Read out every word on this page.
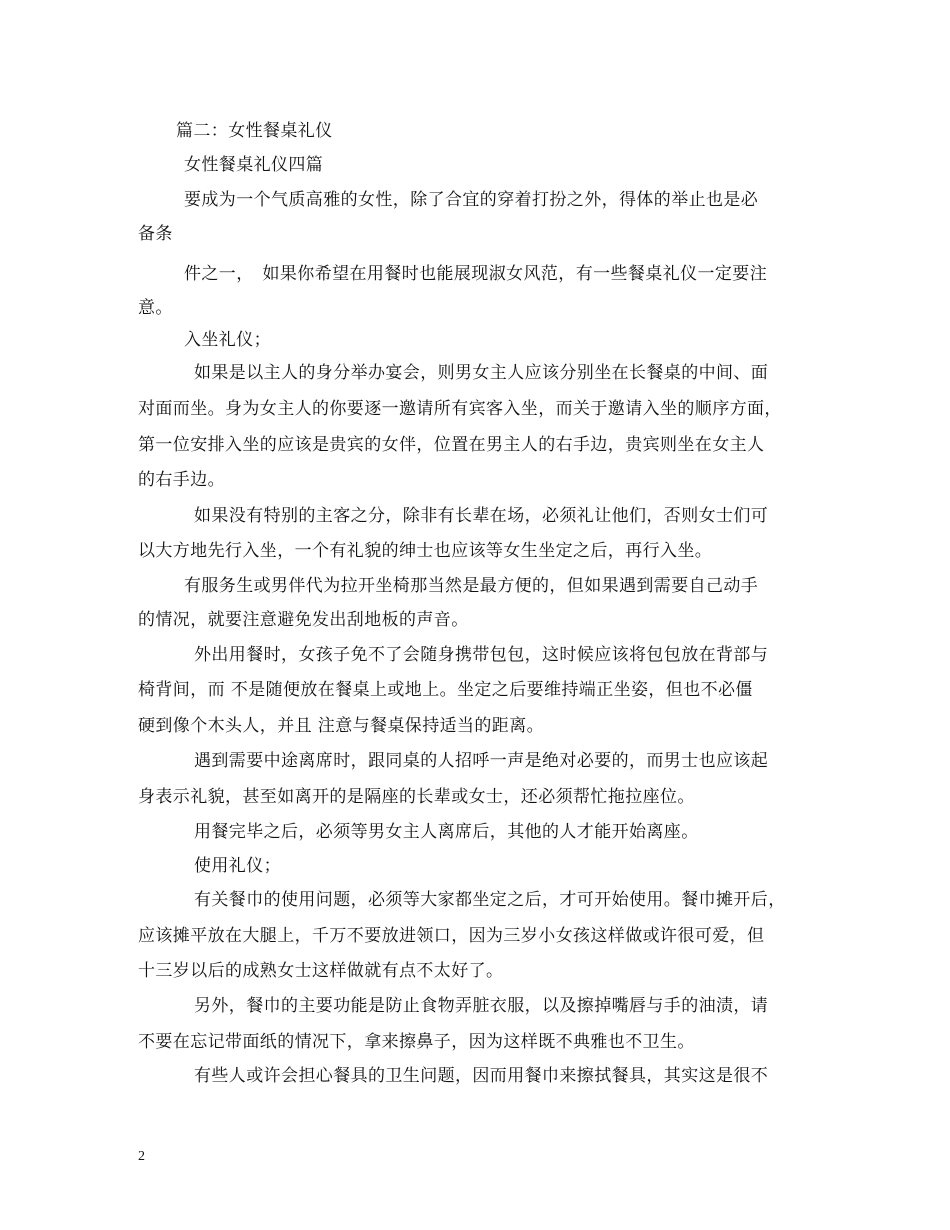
篇二：女性餐桌礼仪
女性餐桌礼仪四篇
要成为一个气质高雅的女性，除了合宜的穿着打扮之外，得体的举止也是必
备条
件之一，　如果你希望在用餐时也能展现淑女风范，有一些餐桌礼仪一定要注
意。
入坐礼仪；
如果是以主人的身分举办宴会，则男女主人应该分别坐在长餐桌的中间、面
对面而坐。身为女主人的你要逐一邀请所有宾客入坐，而关于邀请入坐的顺序方面，
第一位安排入坐的应该是贵宾的女伴，位置在男主人的右手边，贵宾则坐在女主人
的右手边。
如果没有特别的主客之分，除非有长辈在场，必须礼让他们，否则女士们可
以大方地先行入坐，一个有礼貌的绅士也应该等女生坐定之后，再行入坐。
有服务生或男伴代为拉开坐椅那当然是最方便的，但如果遇到需要自己动手
的情况，就要注意避免发出刮地板的声音。
外出用餐时，女孩子免不了会随身携带包包，这时候应该将包包放在背部与
椅背间，而 不是随便放在餐桌上或地上。坐定之后要维持端正坐姿，但也不必僵
硬到像个木头人，并且 注意与餐桌保持适当的距离。
遇到需要中途离席时，跟同桌的人招呼一声是绝对必要的，而男士也应该起
身表示礼貌，甚至如离开的是隔座的长辈或女士，还必须帮忙拖拉座位。
用餐完毕之后，必须等男女主人离席后，其他的人才能开始离座。
使用礼仪；
有关餐巾的使用问题，必须等大家都坐定之后，才可开始使用。餐巾摊开后，
应该摊平放在大腿上，千万不要放进领口，因为三岁小女孩这样做或许很可爱，但
十三岁以后的成熟女士这样做就有点不太好了。
另外，餐巾的主要功能是防止食物弄脏衣服，以及擦掉嘴唇与手的油渍，请
不要在忘记带面纸的情况下，拿来擦鼻子，因为这样既不典雅也不卫生。
有些人或许会担心餐具的卫生问题，因而用餐巾来擦拭餐具，其实这是很不
2
